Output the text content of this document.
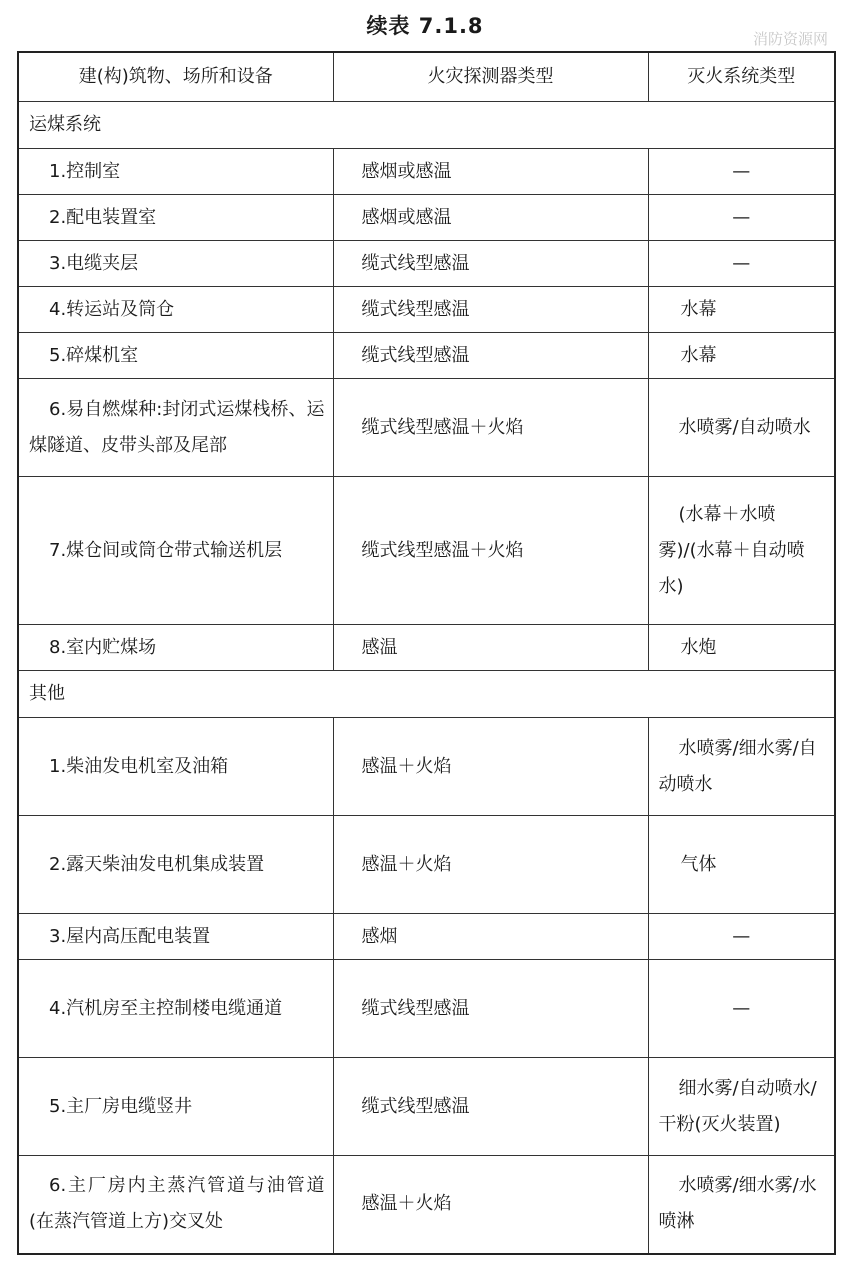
续表 7.1.8
消防资源网
建(构)筑物、场所和设备	火灾探测器类型	灭火系统类型
运煤系统		
1.控制室	感烟或感温	—
2.配电装置室	感烟或感温	—
3.电缆夹层	缆式线型感温	—
4.转运站及筒仓	缆式线型感温	水幕
5.碎煤机室	缆式线型感温	水幕

6.易自燃煤种:封闭式运煤栈桥、运煤隧道、皮带头部及尾部	缆式线型感温＋火焰	水喷雾/自动喷水

7.煤仓间或筒仓带式输送机层	缆式线型感温＋火焰	(水幕＋水喷雾)/(水幕＋自动喷水)

8.室内贮煤场	感温	水炮
其他		
1.柴油发电机室及油箱	感温＋火焰	水喷雾/细水雾/自动喷水

2.露天柴油发电机集成装置	感温＋火焰	气体
3.屋内高压配电装置	感烟	—

4.汽机房至主控制楼电缆通道	缆式线型感温	—
5.主厂房电缆竖井	缆式线型感温	细水雾/自动喷水/干粉(灭火装置)

6.主厂房内主蒸汽管道与油管道(在蒸汽管道上方)交叉处	感温＋火焰	水喷雾/细水雾/水喷淋
